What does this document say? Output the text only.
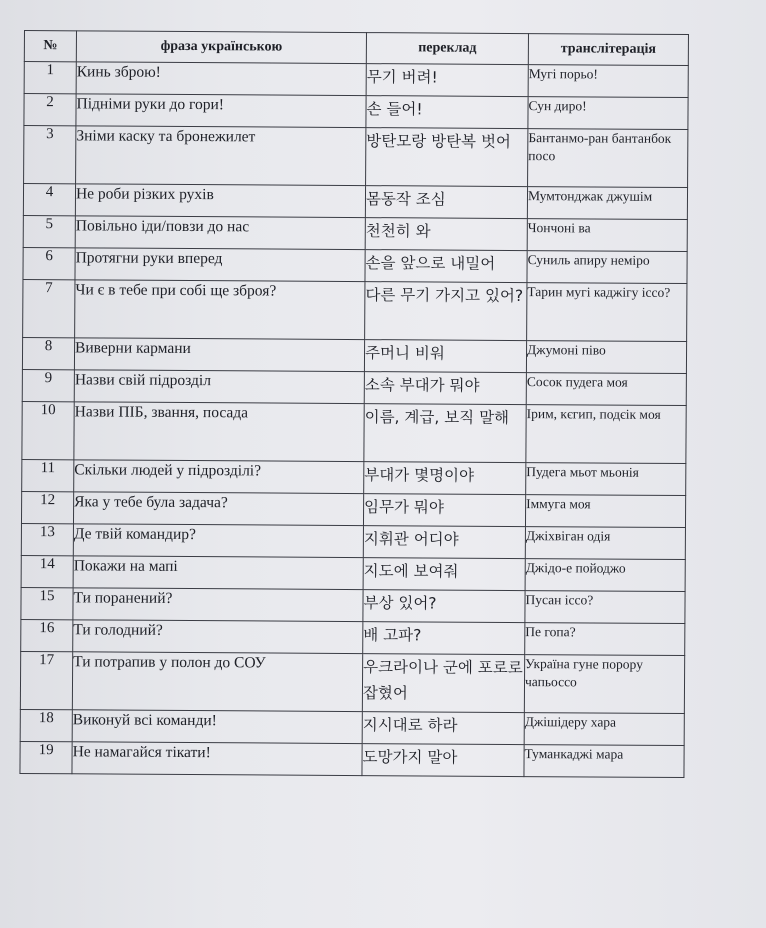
№	фраза українською	переклад	транслітерація
1	Кинь зброю!	무기 버려!	Мугі порьо!
2	Підніми руки до гори!	손 들어!	Сун диро!
3	Зніми каску та бронежилет	방탄모랑 방탄복 벗어	Бантанмо-ран бантанбок посо
4	Не роби різких рухів	몸동작 조심	Мумтонджак джушім
5	Повільно іди/повзи до нас	천천히 와	Чончоні ва
6	Протягни руки вперед	손을 앞으로 내밀어	Суниль апиру неміро
7	Чи є в тебе при собі ще зброя?	다른 무기 가지고 있어?	Тарин мугі каджігу іссо?
8	Виверни кармани	주머니 비워	Джумоні піво
9	Назви свій підрозділ	소속 부대가 뭐야	Сосок пудега моя
10	Назви ПІБ, звання, посада	이름, 계급, 보직 말해	Ірим, кєгип, подєік моя
11	Скільки людей у підрозділі?	부대가 몇명이야	Пудега мьот мьонія
12	Яка у тебе була задача?	임무가 뭐야	Іммуга моя
13	Де твій командир?	지휘관 어디야	Джіхвіган одія
14	Покажи на мапі	지도에 보여줘	Джідо-е пойоджо
15	Ти поранений?	부상 있어?	Пусан іссо?
16	Ти голодний?	배 고파?	Пе гопа?
17	Ти потрапив у полон до СОУ	우크라이나 군에 포로로 잡혔어	Україна гуне пороpу чапьоссо
18	Виконуй всі команди!	지시대로 하라	Джішідеру хара
19	Не намагайся тікати!	도망가지 말아	Туманкаджі мара
